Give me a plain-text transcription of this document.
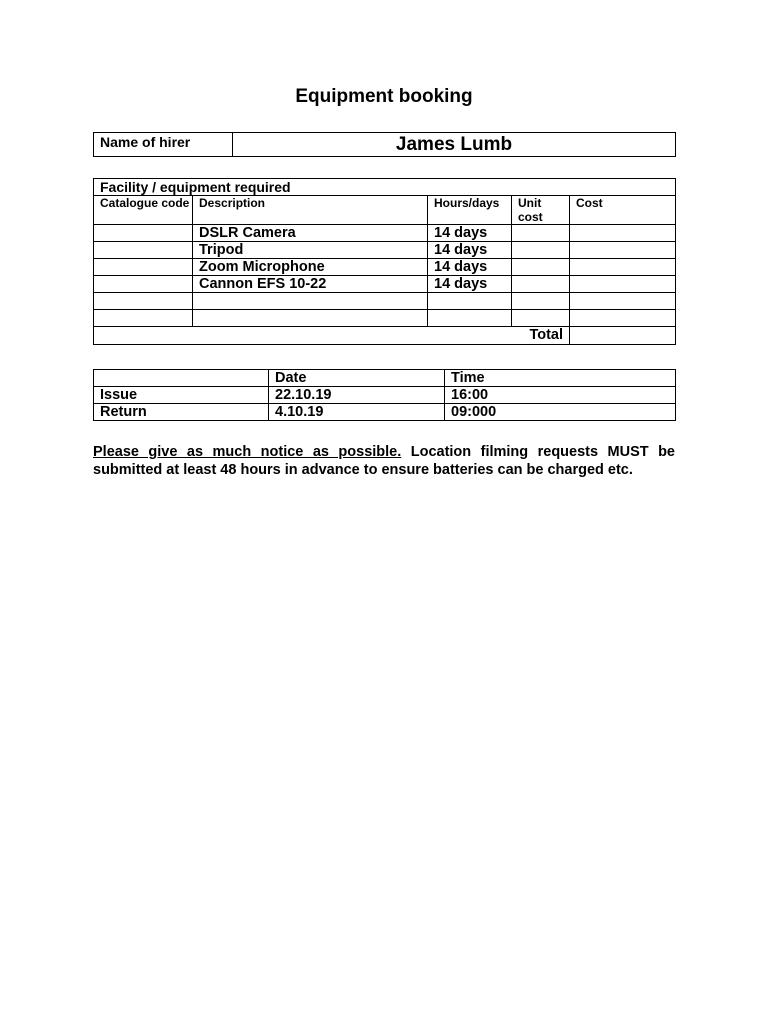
Equipment booking
Name of hirer	James Lumb
Facility / equipment required				
Catalogue code	Description	Hours/days	Unit cost	Cost
	DSLR Camera	14 days		
	Tripod	14 days		
	Zoom Microphone	14 days		
	Cannon EFS 10-22	14 days		

Total				
	Date	Time
Issue	22.10.19	16:00
Return	4.10.19	09:000

Please give as much notice as possible. Location filming requests MUST be submitted at least 48 hours in advance to ensure batteries can be charged etc.
